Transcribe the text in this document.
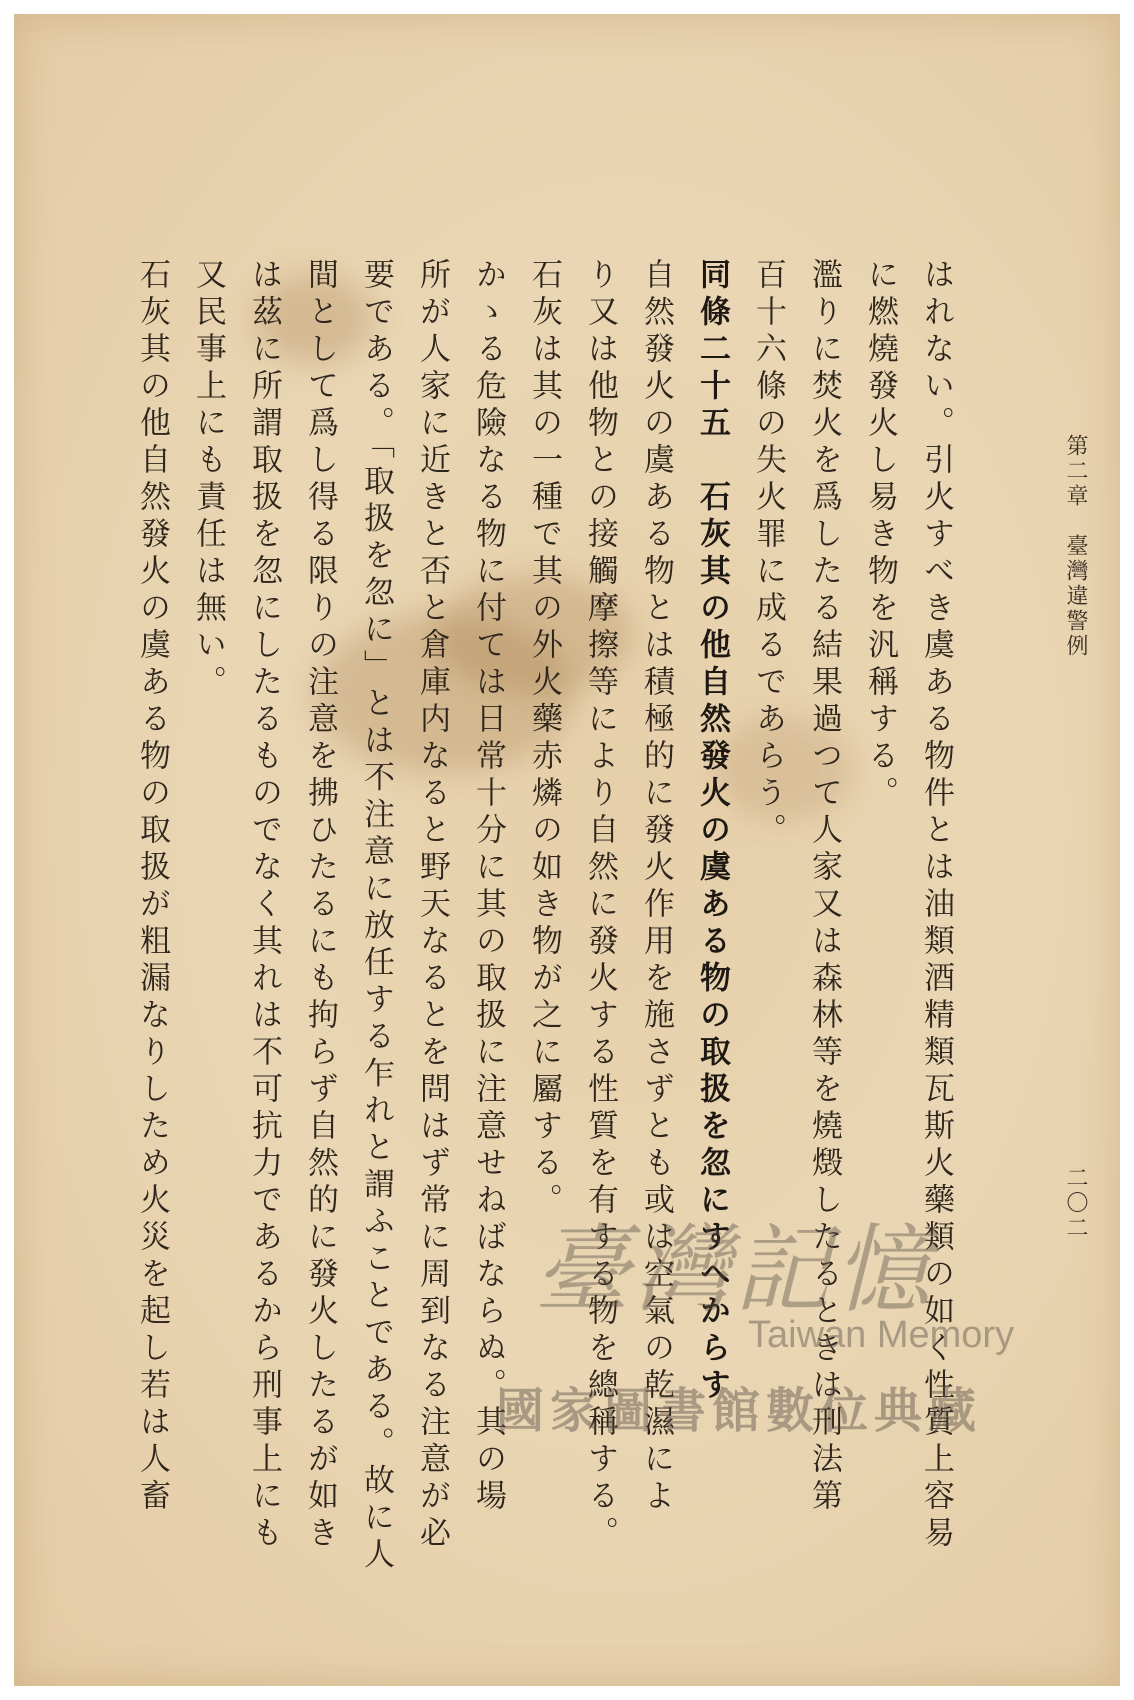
第二章　臺灣違警例
二〇二
はれない。引火すべき虞ある物件とは油類酒精類瓦斯火藥類の如く性質上容易
に燃燒發火し易き物を汎稱する。
濫りに焚火を爲したる結果過つて人家又は森林等を燒燬したるときは刑法第
百十六條の失火罪に成るであらう。
同條二十五　石灰其の他自然發火の虞ある物の取扱を忽にすへからす
自然發火の虞ある物とは積極的に發火作用を施さずとも或は空氣の乾濕によ
り又は他物との接觸摩擦等により自然に發火する性質を有する物を總稱する。
石灰は其の一種で其の外火藥赤燐の如き物が之に屬する。
かゝる危險なる物に付ては日常十分に其の取扱に注意せねばならぬ。其の場
所が人家に近きと否と倉庫内なると野天なるとを問はず常に周到なる注意が必
要である。「取扱を忽に」とは不注意に放任する乍れと謂ふことである。故に人
間として爲し得る限りの注意を拂ひたるにも拘らず自然的に發火したるが如き
は茲に所謂取扱を忽にしたるものでなく其れは不可抗力であるから刑事上にも
又民事上にも責任は無い。
石灰其の他自然發火の虞ある物の取扱が粗漏なりしため火災を起し若は人畜	臺灣記憶
Taiwan Memory
國家圖書館數位典藏
